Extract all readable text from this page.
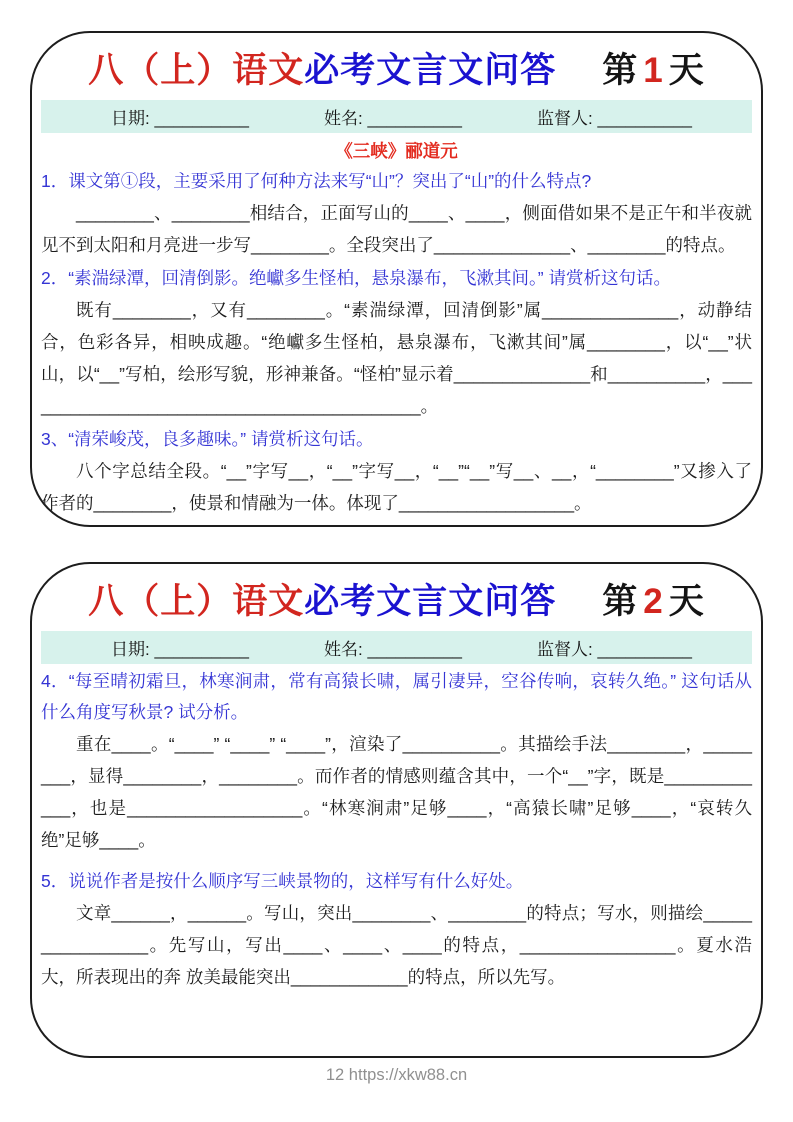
八（上）语文 必考文言文问答 第 1 天
日期: __________	姓名: __________	监督人: __________
《三峡》郦道元

1．课文第①段，主要采用了何种方法来写“山”？突出了“山”的什么特点?

________、________相结合，正面写山的____、____，侧面借如果不是正午和半夜就见不到太阳和月亮进一步写________。全段突出了______________、________的特点。

2．“素湍绿潭，回清倒影。绝巘多生怪柏，悬泉瀑布，飞漱其间。” 请赏析这句话。

既有________，又有________。“素湍绿潭，回清倒影”属______________，动静结合，色彩各异，相映成趣。“绝巘多生怪柏，悬泉瀑布，飞漱其间”属________，以“__”状山，以“__”写柏，绘形写貌，形神兼备。“怪柏”显示着______________和__________，__________________________________________。

3、“清荣峻茂，良多趣味。” 请赏析这句话。

八个字总结全段。“__”字写__，“__”字写__，“__”“__”写__、__，“________”又掺入了作者的________，使景和情融为一体。体现了__________________。

八（上）语文 必考文言文问答 第 2 天
日期: __________	姓名: __________	监督人: __________

4．“每至晴初霜旦，林寒涧肃，常有高猿长啸，属引凄异，空谷传响，哀转久绝。” 这句话从什么角度写秋景? 试分析。

重在____。“____” “____” “____”，渲染了__________。其描绘手法________，________，显得________，________。而作者的情感则蕴含其中，一个“__”字，既是____________，也是__________________。“林寒涧肃”足够____，“高猿长啸”足够____，“哀转久绝”足够____。

5．说说作者是按什么顺序写三峡景物的，这样写有什么好处。

文章______，______。写山，突出________、________的特点；写水，则描绘________________。先写山，写出____、____、____的特点，________________。夏水浩大，所表现出的奔 放美最能突出____________的特点，所以先写。

12 https://xkw88.cn
